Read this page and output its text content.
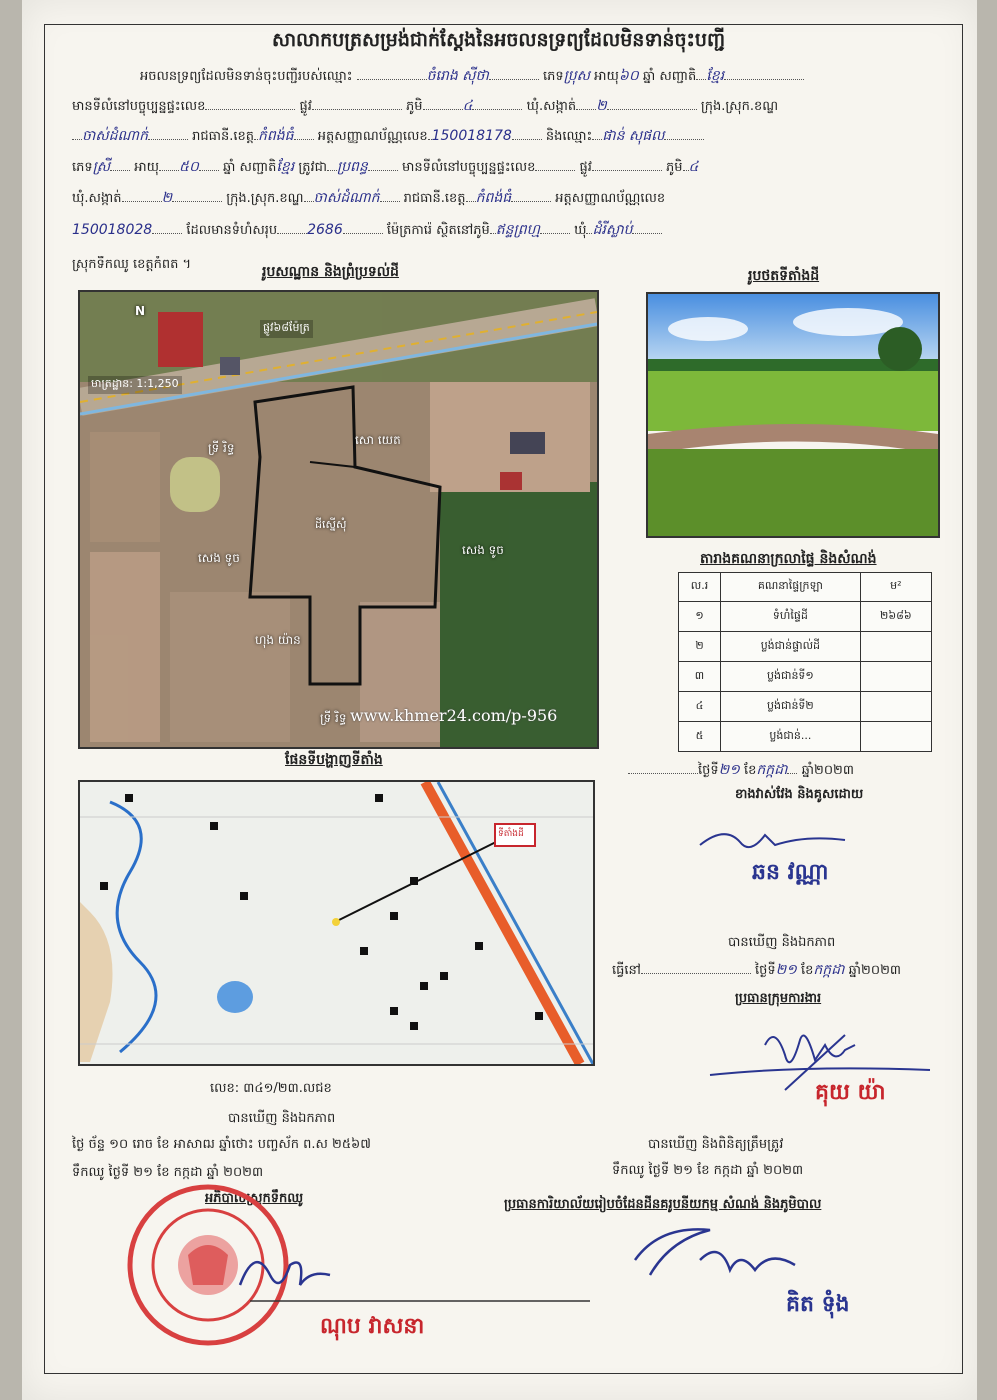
សាលាកបត្រសម្រង់ជាក់ស្តែងនៃអចលនទ្រព្យដែលមិនទាន់ចុះបញ្ជី
អចលនទ្រព្យដែលមិនទាន់ចុះបញ្ជីរបស់ឈ្មោះ	ចំរោង ស៊ីថា	ភេទប្រុស អាយុ៦០ ឆ្នាំ សញ្ជាតិ ខ្មែរ
មានទីលំនៅបច្ចុប្បន្នផ្ទះលេខ	ផ្លូវ	ភូមិ	៤	ឃុំ.សង្កាត់ ២	ក្រុង.ស្រុក.ខណ្ឌ
ចាស់ដំណាក់	រាជធានី.ខេត្ត កំពង់ធំ អត្តសញ្ញាណប័ណ្ណលេខ 150018178	និងឈ្មោះ ផាន់ សុផល
ភេទស្រី អាយុ ៥០ ឆ្នាំ សញ្ជាតិខ្មែរ ត្រូវជា ប្រពន្ធ	មានទីលំនៅបច្ចុប្បន្នផ្ទះលេខ	ផ្លូវ	ភូមិ ៤
ឃុំ.សង្កាត់	២	ក្រុង.ស្រុក.ខណ្ឌ ចាស់ដំណាក់ រាជធានី.ខេត្ត កំពង់ធំ	អត្តសញ្ញាណប័ណ្ណលេខ
150018028	ដែលមានទំហំសរុប 2686	ម៉ែត្រការ៉េ ស្ថិតនៅភូមិ ឥន្ទព្រហ្ម	ឃុំ ដំរីស្លាប់
ស្រុកទឹកឈូ ខេត្តកំពត ។	រូបសណ្ឋាន និងព្រំប្រទល់ដី	រូបថតទីតាំងដី
N
ផ្លូវ៦៨ម៉ែត្រ
មាត្រដ្ឋាន: 1:1,250
ទ្រី រិទ្ធ
សោ យេត
សេង ទូច
សេង ទូច
ហុង យ៉ាន
ទ្រី រិទ្ធ
ដីស្នើសុំ
www.khmer24.com/p-956
តារាងគណនាក្រលាផ្ទៃ និងសំណង់
ល.រ	គណនាផ្ទៃក្រឡា	ម²
១	ទំហំផ្ទៃដី	២៦៨៦
២	ប្លង់ជាន់ផ្ទាល់ដី	
៣	ប្លង់ជាន់ទី១	
៤	ប្លង់ជាន់ទី២	
៥	ប្លង់ជាន់...	
ថ្ងៃទី២១ ខែកក្កដា ឆ្នាំ២០២៣
ខាងវាស់វែង និងគូសដោយ
ឆន វណ្ណា
បានឃើញ និងឯកភាព
ធ្វើនៅ	ថ្ងៃទី២១ ខែកក្កដា ឆ្នាំ២០២៣
ប្រធានក្រុមការងារ
គុយ យ៉ា
ផែនទីបង្ហាញទីតាំង
ទីតាំងដី
លេខ: ៣៤១/២៣.លជខ
បានឃើញ និងឯកភាព
ថ្ងៃ ច័ន្ទ ១០ រោច ខែ អាសាឍ ឆ្នាំថោះ បញ្ចស័ក ព.ស ២៥៦៧
ទឹកឈូ ថ្ងៃទី ២១ ខែ កក្កដា ឆ្នាំ ២០២៣
អភិបាលស្រុកទឹកឈូ
ណុប វាសនា
បានឃើញ និងពិនិត្យត្រឹមត្រូវ
ទឹកឈូ ថ្ងៃទី ២១ ខែ កក្កដា ឆ្នាំ ២០២៣
ប្រធានការិយាល័យរៀបចំដែនដីនគរូបនីយកម្ម សំណង់ និងភូមិបាល
គិត ទុំង
